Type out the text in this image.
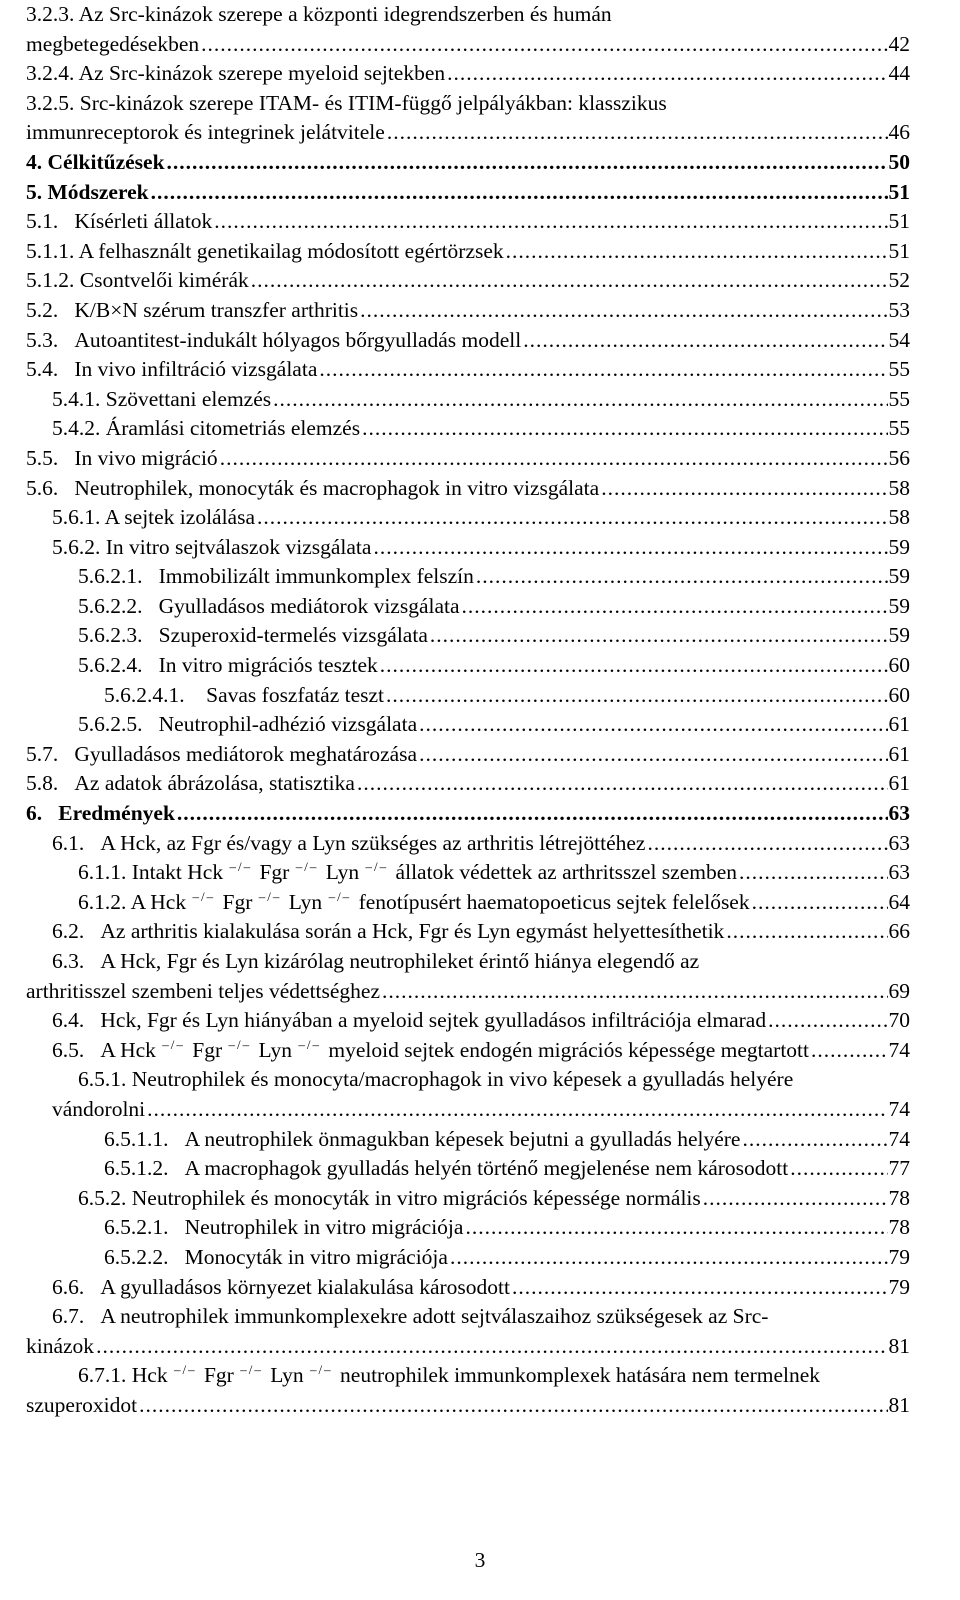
3.2.3. Az Src-kinázok szerepe a központi idegrendszerben és humán
megbetegedésekben .....	42
3.2.4. Az Src-kinázok szerepe myeloid sejtekben .....	44
3.2.5. Src-kinázok szerepe ITAM- és ITIM-függő jelpályákban: klasszikus
immunreceptorok és integrinek jelátvitele .....	46
4. Célkitűzések .....	50
5. Módszerek .....	51
5.1.   Kísérleti állatok .....	51
5.1.1. A felhasznált genetikailag módosított egértörzsek .....	51
5.1.2. Csontvelői kimérák .....	52
5.2.   K/B×N szérum transzfer arthritis .....	53
5.3.   Autoantitest-indukált hólyagos bőrgyulladás modell .....	54
5.4.   In vivo infiltráció vizsgálata .....	55
5.4.1. Szövettani elemzés .....	55
5.4.2. Áramlási citometriás elemzés .....	55
5.5.   In vivo migráció .....	56
5.6.   Neutrophilek, monocyták és macrophagok in vitro vizsgálata .....	58
5.6.1. A sejtek izolálása .....	58
5.6.2. In vitro sejtválaszok vizsgálata .....	59
5.6.2.1.   Immobilizált immunkomplex felszín .....	59
5.6.2.2.   Gyulladásos mediátorok vizsgálata .....	59
5.6.2.3.   Szuperoxid-termelés vizsgálata .....	59
5.6.2.4.   In vitro migrációs tesztek .....	60
5.6.2.4.1.    Savas foszfatáz teszt .....	60
5.6.2.5.   Neutrophil-adhézió vizsgálata .....	61
5.7.   Gyulladásos mediátorok meghatározása .....	61
5.8.   Az adatok ábrázolása, statisztika .....	61
6.   Eredmények .....	63
6.1.   A Hck, az Fgr és/vagy a Lyn szükséges az arthritis létrejöttéhez .....	63
6.1.1. Intakt Hck –/– Fgr –/– Lyn –/– állatok védettek az arthritsszel szemben .....	63
6.1.2. A Hck –/– Fgr –/– Lyn –/– fenotípusért haematopoeticus sejtek felelősek .....	64
6.2.   Az arthritis kialakulása során a Hck, Fgr és Lyn egymást helyettesíthetik .....	66
6.3.   A Hck, Fgr és Lyn kizárólag neutrophileket érintő hiánya elegendő az
arthritisszel szembeni teljes védettséghez .....	69
6.4.   Hck, Fgr és Lyn hiányában a myeloid sejtek gyulladásos infiltrációja elmarad .....	70
6.5.   A Hck –/– Fgr –/– Lyn –/– myeloid sejtek endogén migrációs képessége megtartott .....	74
6.5.1. Neutrophilek és monocyta/macrophagok in vivo képesek a gyulladás helyére
vándorolni .....	74
6.5.1.1.   A neutrophilek önmagukban képesek bejutni a gyulladás helyére .....	74
6.5.1.2.   A macrophagok gyulladás helyén történő megjelenése nem károsodott .....	77
6.5.2. Neutrophilek és monocyták in vitro migrációs képessége normális .....	78
6.5.2.1.   Neutrophilek in vitro migrációja .....	78
6.5.2.2.   Monocyták in vitro migrációja .....	79
6.6.   A gyulladásos környezet kialakulása károsodott .....	79
6.7.   A neutrophilek immunkomplexekre adott sejtválaszaihoz szükségesek az Src-
kinázok .....	81
6.7.1. Hck –/– Fgr –/– Lyn –/– neutrophilek immunkomplexek hatására nem termelnek
szuperoxidot .....	81
3
